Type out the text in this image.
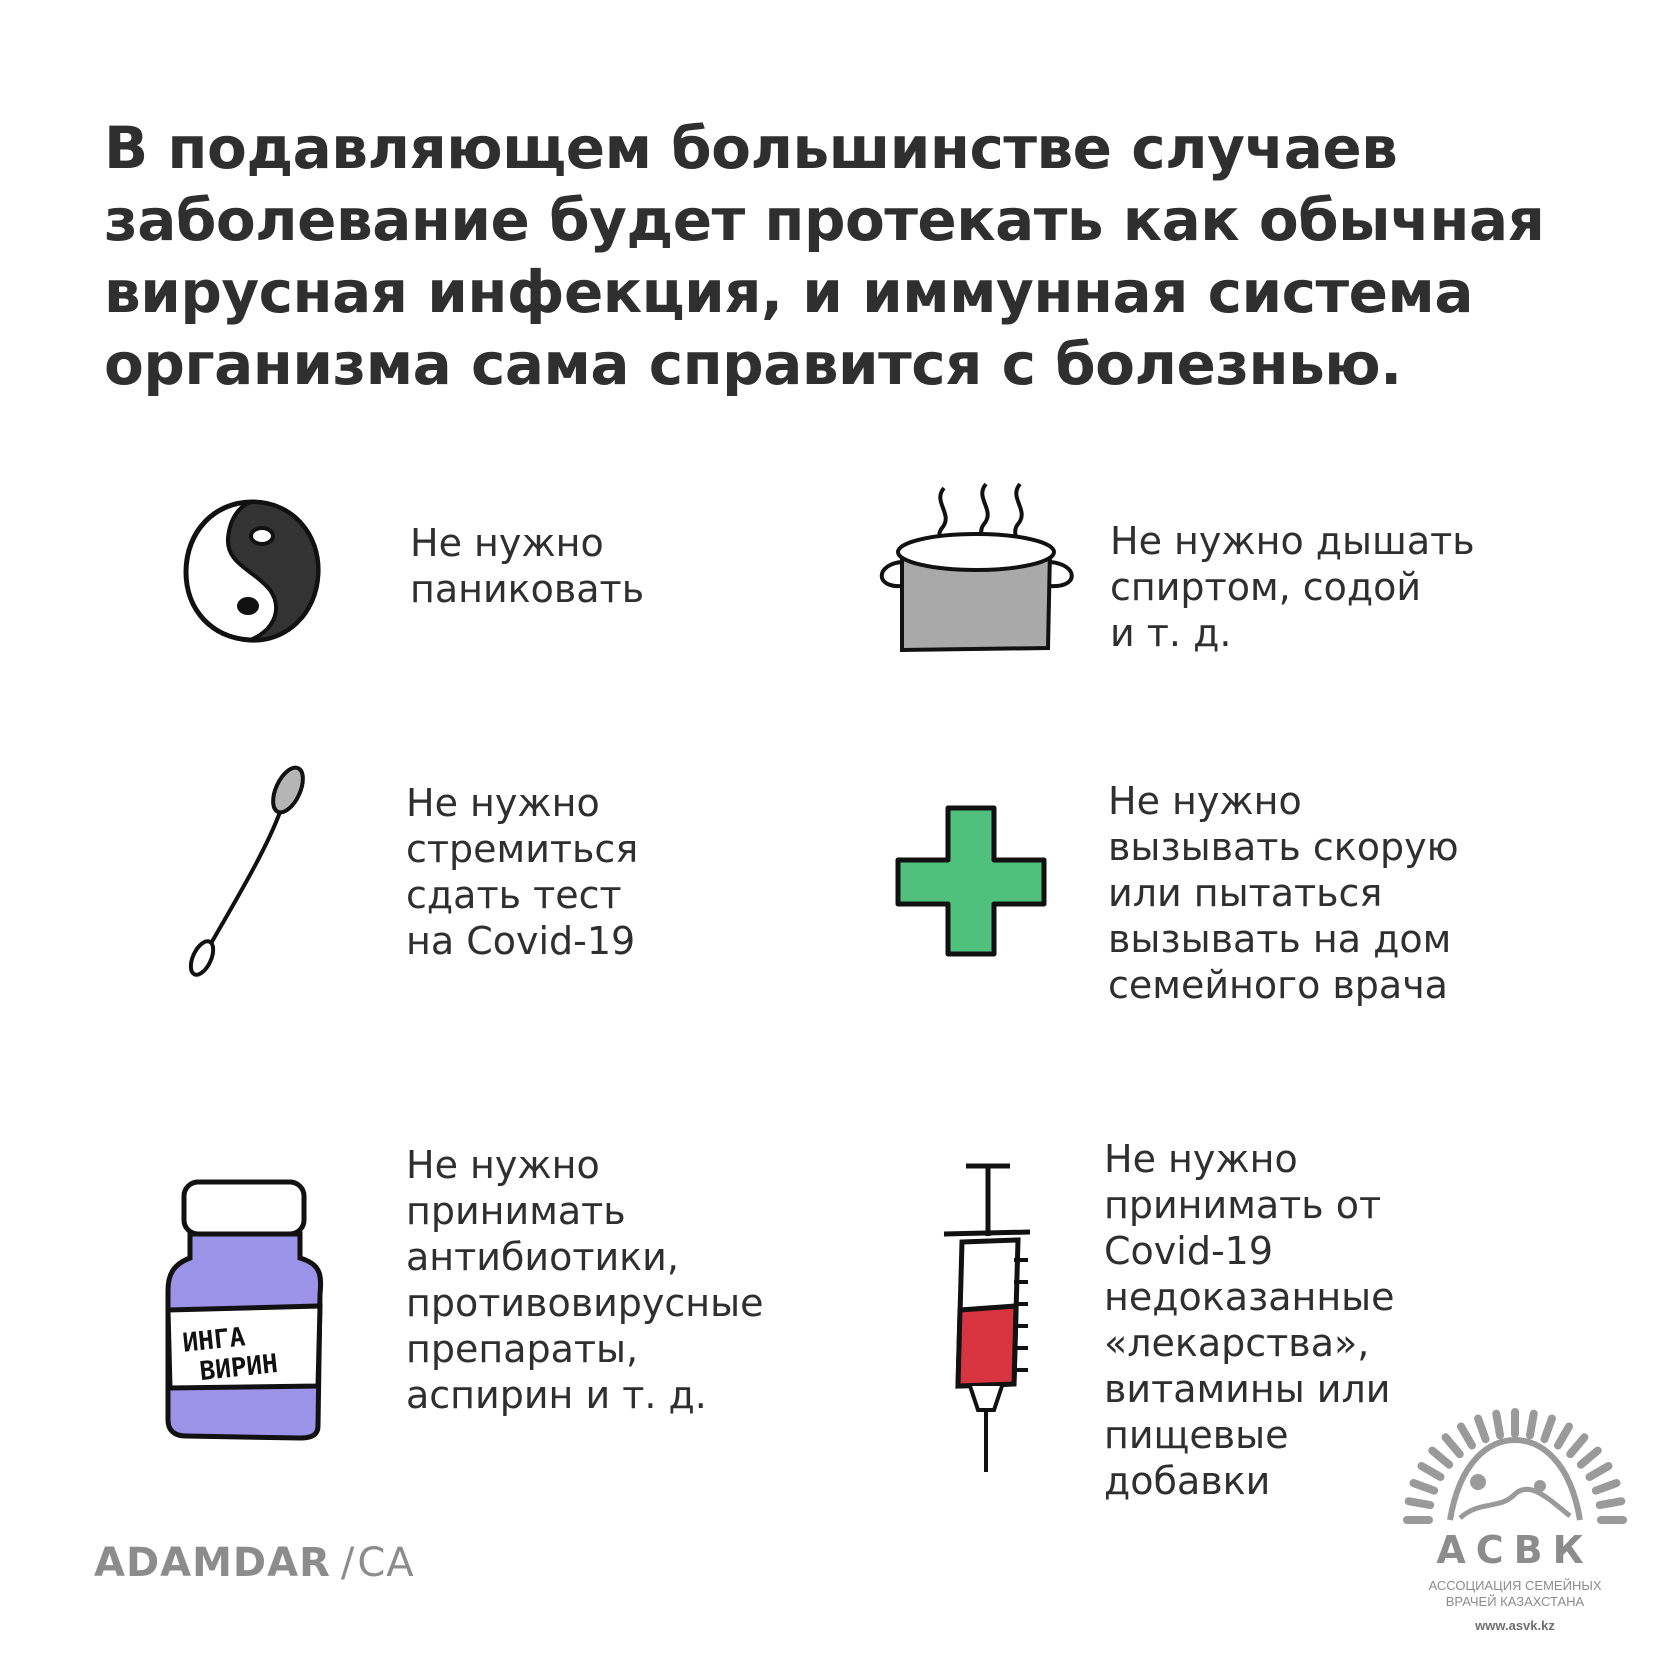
В подавляющем большинстве случаев
заболевание будет протекать как обычная
вирусная инфекция, и иммунная система
организма сама справится с болезнью.

Не нужно
паниковать

Не нужно дышать
спиртом, содой
и т. д.

Не нужно
стремиться
сдать тест
на Covid-19

Не нужно
вызывать скорую
или пытаться
вызывать на дом
семейного врача

ИНГА
ВИРИН

Не нужно
принимать
антибиотики,
противовирусные
препараты,
аспирин и т. д.

Не нужно
принимать от
Covid-19
недоказанные
«лекарства»,
витамины или
пищевые
добавки

ADAMDAR /CA	АСВК
АССОЦИАЦИЯ СЕМЕЙНЫХ
ВРАЧЕЙ КАЗАХСТАНА
www.asvk.kz
